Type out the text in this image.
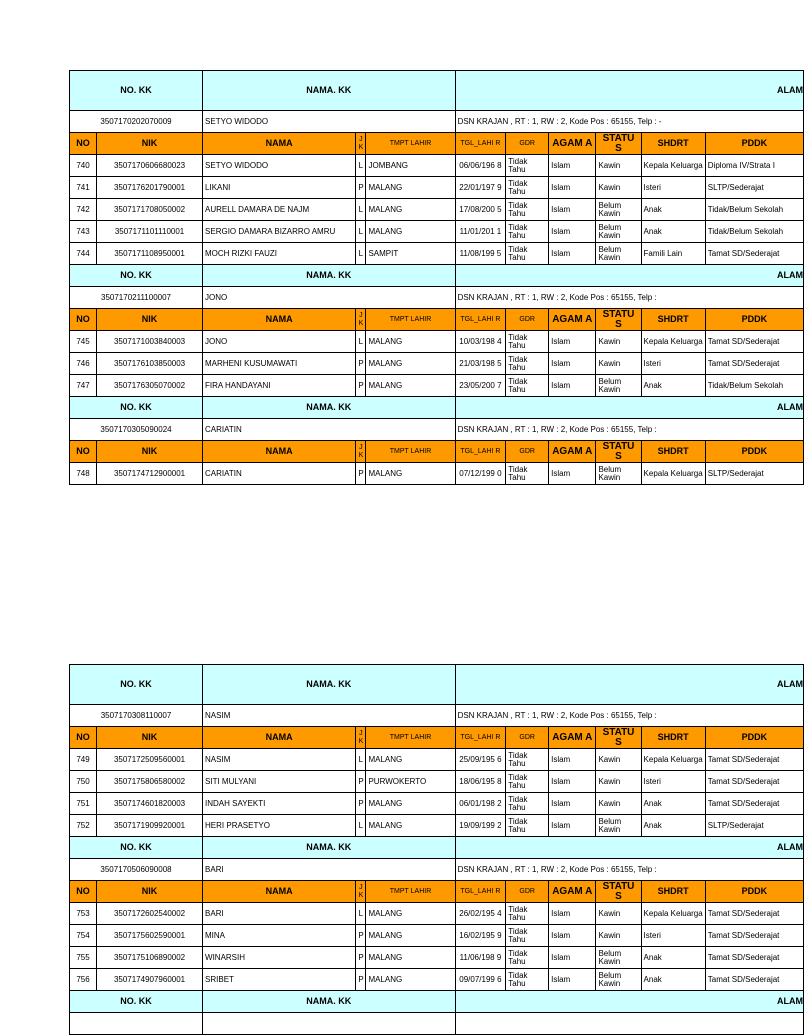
NO. KK		NAMA. KK			ALAM					
3507170202070009		SETYO WIDODO			DSN KRAJAN , RT : 1, RW : 2, Kode Pos : 65155, Telp : -					
NO	NIK	NAMA	J K	TMPT LAHIR	TGL_LAHI R	GDR	AGAM A	STATU S	SHDRT	PDDK
740	3507170606680023	SETYO WIDODO	L	JOMBANG	06/06/196 8	Tidak Tahu	Islam	Kawin	Kepala Keluarga	Diploma IV/Strata I
741	3507176201790001	LIKANI	P	MALANG	22/01/197 9	Tidak Tahu	Islam	Kawin	Isteri	SLTP/Sederajat
742	3507171708050002	AURELL DAMARA DE NAJM	L	MALANG	17/08/200 5	Tidak Tahu	Islam	Belum Kawin	Anak	Tidak/Belum Sekolah
743	3507171101110001	SERGIO DAMARA BIZARRO AMRU	L	MALANG	11/01/201 1	Tidak Tahu	Islam	Belum Kawin	Anak	Tidak/Belum Sekolah
744	3507171108950001	MOCH RIZKI FAUZI	L	SAMPIT	11/08/199 5	Tidak Tahu	Islam	Belum Kawin	Famili Lain	Tamat SD/Sederajat
NO. KK		NAMA. KK			ALAM					
3507170211100007		JONO			DSN KRAJAN , RT : 1, RW : 2, Kode Pos : 65155, Telp :					
NO	NIK	NAMA	J K	TMPT LAHIR	TGL_LAHI R	GDR	AGAM A	STATU S	SHDRT	PDDK
745	3507171003840003	JONO	L	MALANG	10/03/198 4	Tidak Tahu	Islam	Kawin	Kepala Keluarga	Tamat SD/Sederajat
746	3507176103850003	MARHENI KUSUMAWATI	P	MALANG	21/03/198 5	Tidak Tahu	Islam	Kawin	Isteri	Tamat SD/Sederajat
747	3507176305070002	FIRA HANDAYANI	P	MALANG	23/05/200 7	Tidak Tahu	Islam	Belum Kawin	Anak	Tidak/Belum Sekolah
NO. KK		NAMA. KK			ALAM					
3507170305090024		CARIATIN			DSN KRAJAN , RT : 1, RW : 2, Kode Pos : 65155, Telp :					
NO	NIK	NAMA	J K	TMPT LAHIR	TGL_LAHI R	GDR	AGAM A	STATU S	SHDRT	PDDK
748	3507174712900001	CARIATIN	P	MALANG	07/12/199 0	Tidak Tahu	Islam	Belum Kawin	Kepala Keluarga	SLTP/Sederajat
NO. KK		NAMA. KK			ALAM					
3507170308110007		NASIM			DSN KRAJAN , RT : 1, RW : 2, Kode Pos : 65155, Telp :					
NO	NIK	NAMA	J K	TMPT LAHIR	TGL_LAHI R	GDR	AGAM A	STATU S	SHDRT	PDDK
749	3507172509560001	NASIM	L	MALANG	25/09/195 6	Tidak Tahu	Islam	Kawin	Kepala Keluarga	Tamat SD/Sederajat
750	3507175806580002	SITI MULYANI	P	PURWOKERTO	18/06/195 8	Tidak Tahu	Islam	Kawin	Isteri	Tamat SD/Sederajat
751	3507174601820003	INDAH SAYEKTI	P	MALANG	06/01/198 2	Tidak Tahu	Islam	Kawin	Anak	Tamat SD/Sederajat
752	3507171909920001	HERI PRASETYO	L	MALANG	19/09/199 2	Tidak Tahu	Islam	Belum Kawin	Anak	SLTP/Sederajat
NO. KK		NAMA. KK			ALAM					
3507170506090008		BARI			DSN KRAJAN , RT : 1, RW : 2, Kode Pos : 65155, Telp :					
NO	NIK	NAMA	J K	TMPT LAHIR	TGL_LAHI R	GDR	AGAM A	STATU S	SHDRT	PDDK
753	3507172602540002	BARI	L	MALANG	26/02/195 4	Tidak Tahu	Islam	Kawin	Kepala Keluarga	Tamat SD/Sederajat
754	3507175602590001	MINA	P	MALANG	16/02/195 9	Tidak Tahu	Islam	Kawin	Isteri	Tamat SD/Sederajat
755	3507175106890002	WINARSIH	P	MALANG	11/06/198 9	Tidak Tahu	Islam	Belum Kawin	Anak	Tamat SD/Sederajat
756	3507174907960001	SRIBET	P	MALANG	09/07/199 6	Tidak Tahu	Islam	Belum Kawin	Anak	Tamat SD/Sederajat
NO. KK		NAMA. KK			ALAM					
